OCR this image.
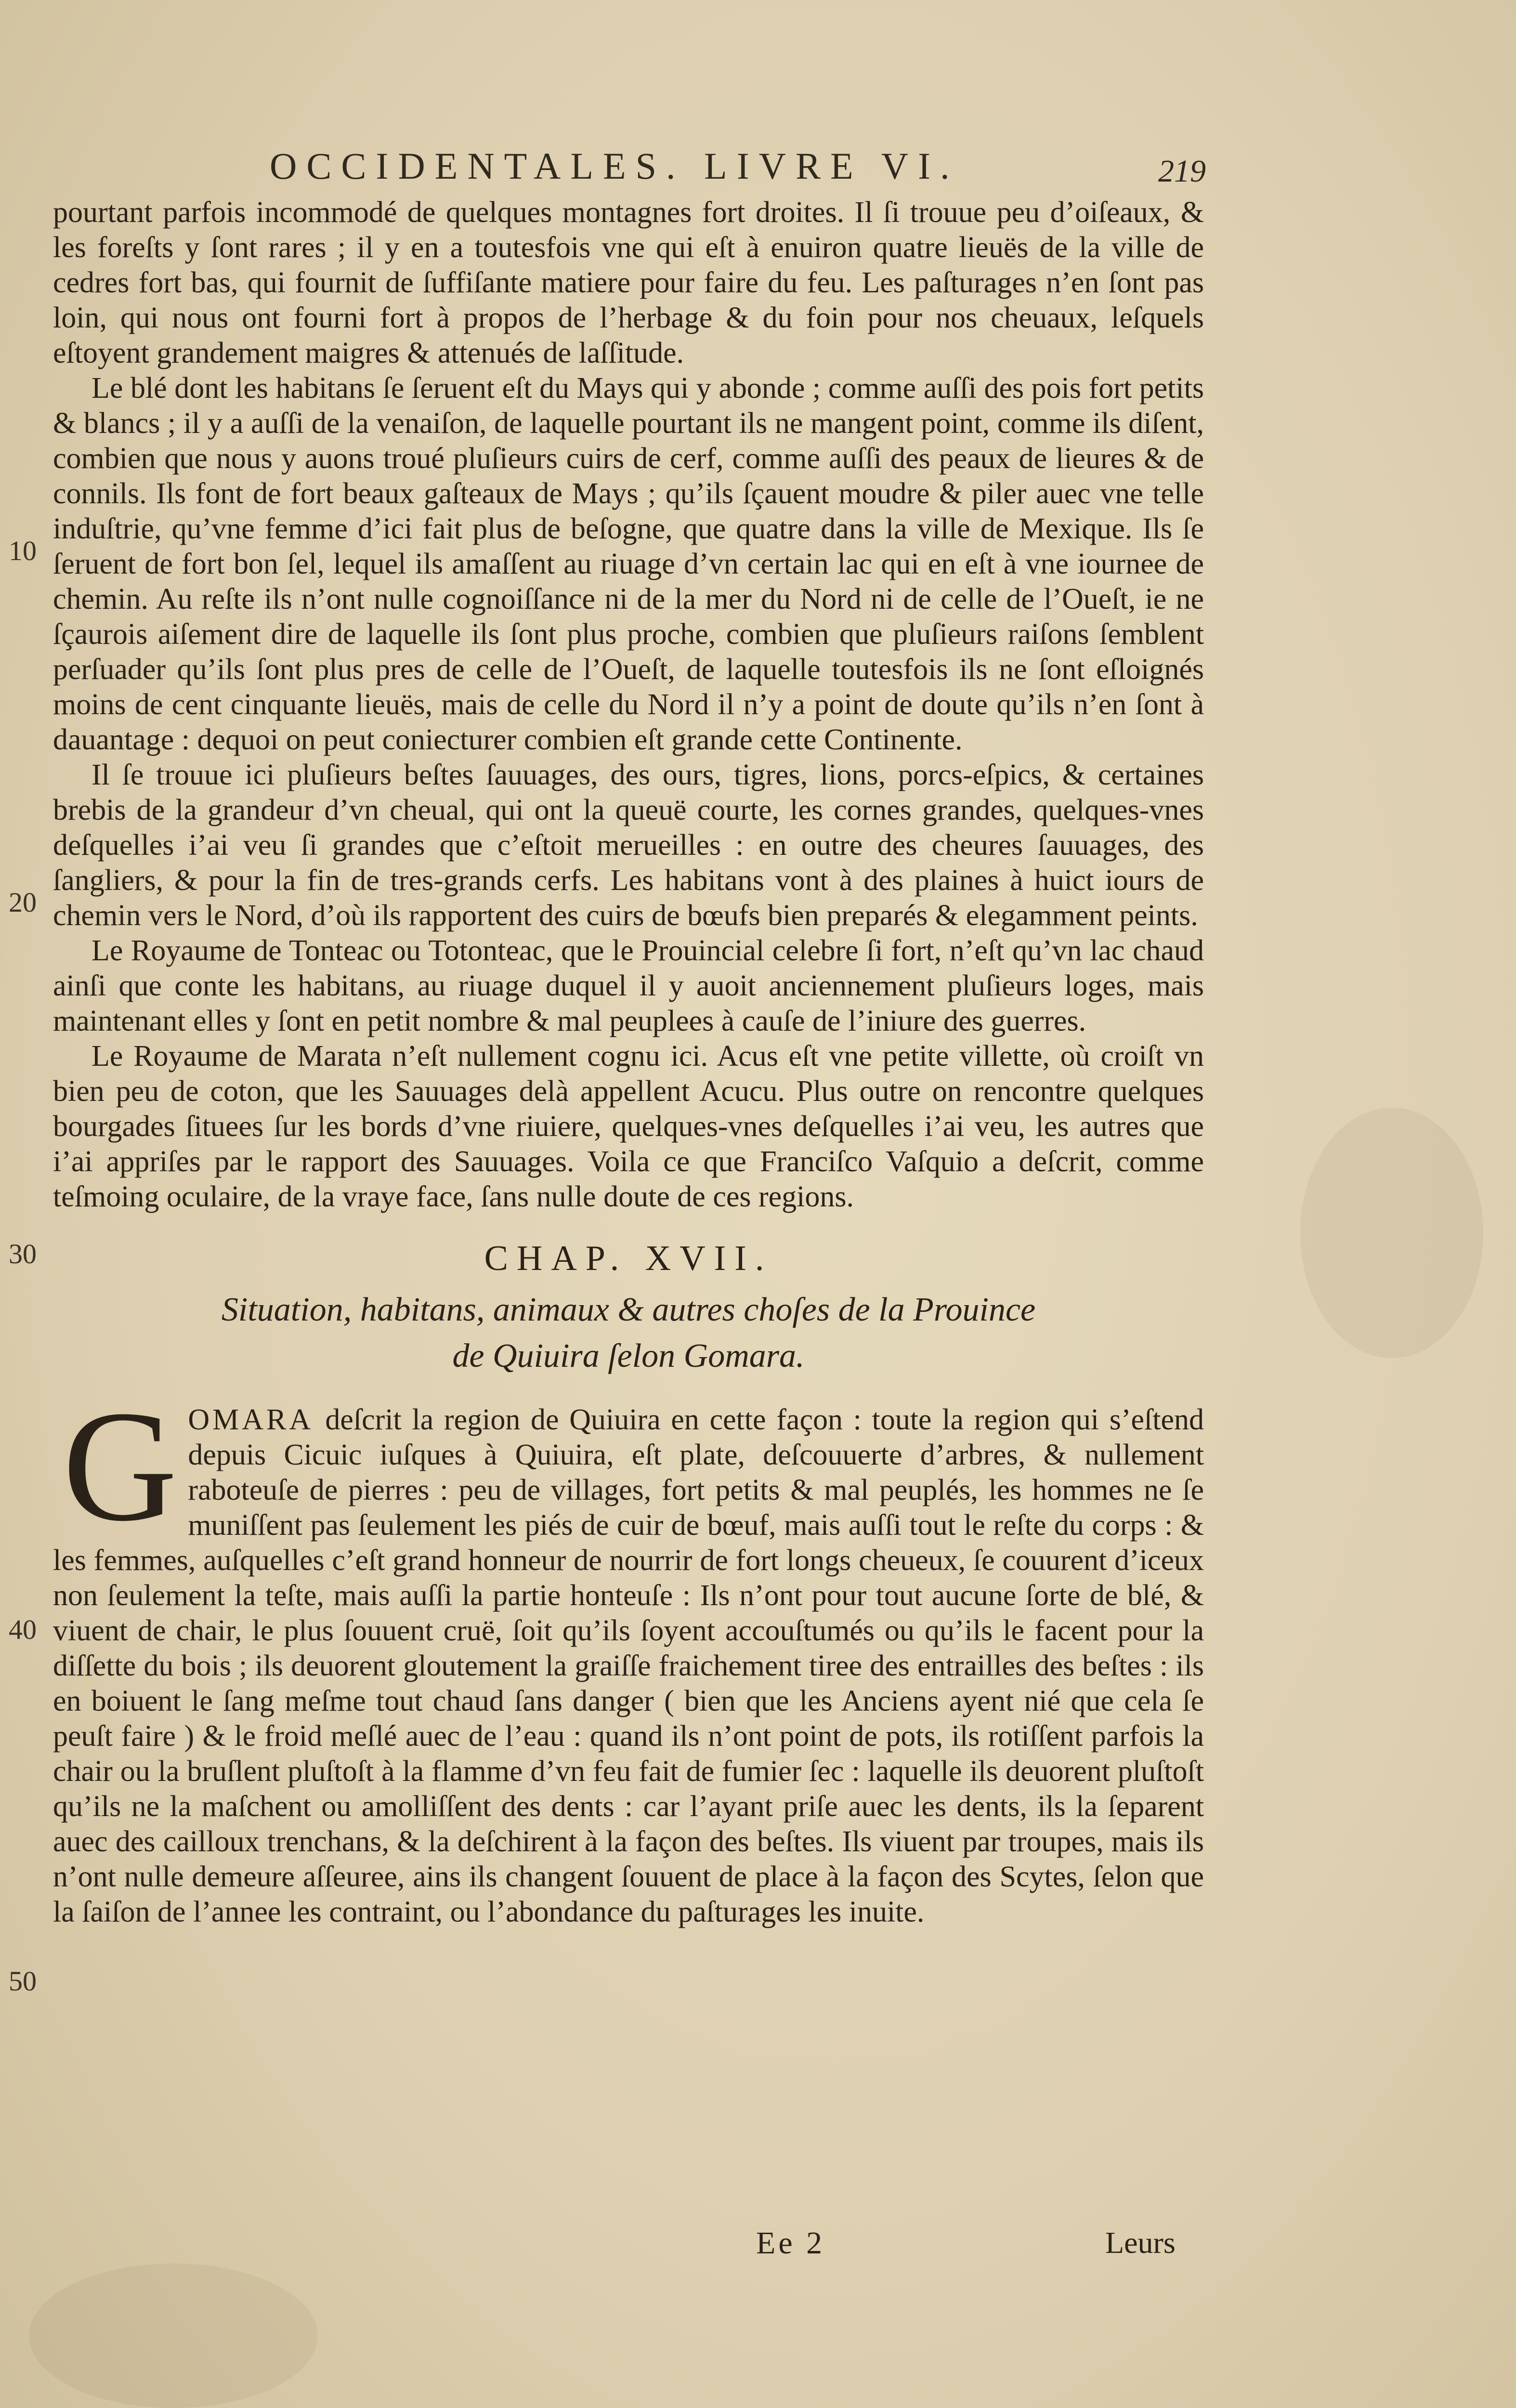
OCCIDENTALES. LIVRE VI.	219
10
20
30
40
50

pourtant parfois incommodé de quelques montagnes fort droites. Il ſi trouue peu d’oiſeaux, & les foreſts y ſont rares ; il y en a toutesfois vne qui eſt à enuiron quatre lieuës de la ville de cedres fort bas, qui fournit de ſuffiſante matiere pour faire du feu. Les paſturages n’en ſont pas loin, qui nous ont fourni fort à propos de l’herbage & du foin pour nos cheuaux, leſquels eſtoyent grandement maigres & attenués de laſſitude.

Le blé dont les habitans ſe ſeruent eſt du Mays qui y abonde ; comme auſſi des pois fort petits & blancs ; il y a auſſi de la venaiſon, de laquelle pourtant ils ne mangent point, comme ils diſent, combien que nous y auons troué pluſieurs cuirs de cerf, comme auſſi des peaux de lieures & de connils. Ils font de fort beaux gaſteaux de Mays ; qu’ils ſçauent moudre & piler auec vne telle induſtrie, qu’vne femme d’ici fait plus de beſogne, que quatre dans la ville de Mexique. Ils ſe ſeruent de fort bon ſel, lequel ils amaſſent au riuage d’vn certain lac qui en eſt à vne iournee de chemin. Au reſte ils n’ont nulle cognoiſſance ni de la mer du Nord ni de celle de l’Oueſt, ie ne ſçaurois aiſement dire de laquelle ils ſont plus proche, combien que pluſieurs raiſons ſemblent perſuader qu’ils ſont plus pres de celle de l’Oueſt, de laquelle toutesfois ils ne ſont eſloignés moins de cent cinquante lieuës, mais de celle du Nord il n’y a point de doute qu’ils n’en ſont à dauantage : dequoi on peut coniecturer combien eſt grande cette Continente.

Il ſe trouue ici pluſieurs beſtes ſauuages, des ours, tigres, lions, porcs-eſpics, & certaines brebis de la grandeur d’vn cheual, qui ont la queuë courte, les cornes grandes, quelques-vnes deſquelles i’ai veu ſi grandes que c’eſtoit merueilles : en outre des cheures ſauuages, des ſangliers, & pour la fin de tres-grands cerfs. Les habitans vont à des plaines à huict iours de chemin vers le Nord, d’où ils rapportent des cuirs de bœufs bien preparés & elegamment peints.

Le Royaume de Tonteac ou Totonteac, que le Prouincial celebre ſi fort, n’eſt qu’vn lac chaud ainſi que conte les habitans, au riuage duquel il y auoit anciennement pluſieurs loges, mais maintenant elles y ſont en petit nombre & mal peuplees à cauſe de l’iniure des guerres.

Le Royaume de Marata n’eſt nullement cognu ici. Acus eſt vne petite villette, où croiſt vn bien peu de coton, que les Sauuages delà appellent Acucu. Plus outre on rencontre quelques bourgades ſituees ſur les bords d’vne riuiere, quelques-vnes deſquelles i’ai veu, les autres que i’ai appriſes par le rapport des Sauuages. Voila ce que Franciſco Vaſquio a deſcrit, comme teſmoing oculaire, de la vraye face, ſans nulle doute de ces regions.

CHAP. XVII.
Situation, habitans, animaux & autres choſes de la Prouince
de Quiuira ſelon Gomara.
G OMARA deſcrit la region de Quiuira en cette façon : toute la region qui s’eſtend depuis Cicuic iuſques à Quiuira, eſt plate, deſcouuerte d’arbres, & nullement raboteuſe de pierres : peu de villages, fort petits & mal peuplés, les hommes ne ſe muniſſent pas ſeulement les piés de cuir de bœuf, mais auſſi tout le reſte du corps : & les femmes, auſquelles c’eſt grand honneur de nourrir de fort longs cheueux, ſe couurent d’iceux non ſeulement la teſte, mais auſſi la partie honteuſe : Ils n’ont pour tout aucune ſorte de blé, & viuent de chair, le plus ſouuent cruë, ſoit qu’ils ſoyent accouſtumés ou qu’ils le facent pour la diſſette du bois ; ils deuorent gloutement la graiſſe fraichement tiree des entrailles des beſtes : ils en boiuent le ſang meſme tout chaud ſans danger ( bien que les Anciens ayent nié que cela ſe peuſt faire ) & le froid meſlé auec de l’eau : quand ils n’ont point de pots, ils rotiſſent parfois la chair ou la bruſlent pluſtoſt à la flamme d’vn feu fait de fumier ſec : laquelle ils deuorent pluſtoſt qu’ils ne la maſchent ou amolliſſent des dents : car l’ayant priſe auec les dents, ils la ſeparent auec des cailloux trenchans, & la deſchirent à la façon des beſtes. Ils viuent par troupes, mais ils n’ont nulle demeure aſſeuree, ains ils changent ſouuent de place à la façon des Scytes, ſelon que la ſaiſon de l’annee les contraint, ou l’abondance du paſturages les inuite.
Ee 2	Leurs
